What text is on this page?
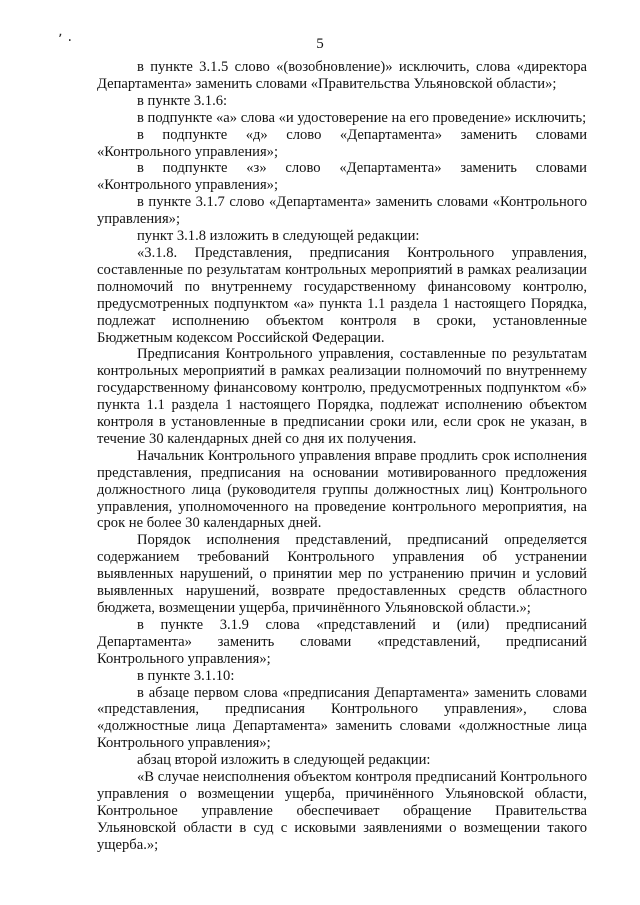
٠ ٬	5

в пункте 3.1.5 слово «(возобновление)» исключить, слова «директора Департамента» заменить словами «Правительства Ульяновской области»;

в пункте 3.1.6:

в подпункте «а» слова «и удостоверение на его проведение» исключить;

в подпункте «д» слово «Департамента» заменить словами «Контрольного управления»;

в подпункте «з» слово «Департамента» заменить словами «Контрольного управления»;

в пункте 3.1.7 слово «Департамента» заменить словами «Контрольного управления»;

пункт 3.1.8 изложить в следующей редакции:

«3.1.8. Представления, предписания Контрольного управления, составленные по результатам контрольных мероприятий в рамках реализации полномочий по внутреннему государственному финансовому контролю, предусмотренных подпунктом «а» пункта 1.1 раздела 1 настоящего Порядка, подлежат исполнению объектом контроля в сроки, установленные Бюджетным кодексом Российской Федерации.

Предписания Контрольного управления, составленные по результатам контрольных мероприятий в рамках реализации полномочий по внутреннему государственному финансовому контролю, предусмотренных подпунктом «б» пункта 1.1 раздела 1 настоящего Порядка, подлежат исполнению объектом контроля в установленные в предписании сроки или, если срок не указан, в течение 30 календарных дней со дня их получения.

Начальник Контрольного управления вправе продлить срок исполнения представления, предписания на основании мотивированного предложения должностного лица (руководителя группы должностных лиц) Контрольного управления, уполномоченного на проведение контрольного мероприятия, на срок не более 30 календарных дней.

Порядок исполнения представлений, предписаний определяется содержанием требований Контрольного управления об устранении выявленных нарушений, о принятии мер по устранению причин и условий выявленных нарушений, возврате предоставленных средств областного бюджета, возмещении ущерба, причинённого Ульяновской области.»;

в пункте 3.1.9 слова «представлений и (или) предписаний Департамента» заменить словами «представлений, предписаний Контрольного управления»;

в пункте 3.1.10:

в абзаце первом слова «предписания Департамента» заменить словами «представления, предписания Контрольного управления», слова «должностные лица Департамента» заменить словами «должностные лица Контрольного управления»;

абзац второй изложить в следующей редакции:

«В случае неисполнения объектом контроля предписаний Контрольного управления о возмещении ущерба, причинённого Ульяновской области, Контрольное управление обеспечивает обращение Правительства Ульяновской области в суд с исковыми заявлениями о возмещении такого ущерба.»;
